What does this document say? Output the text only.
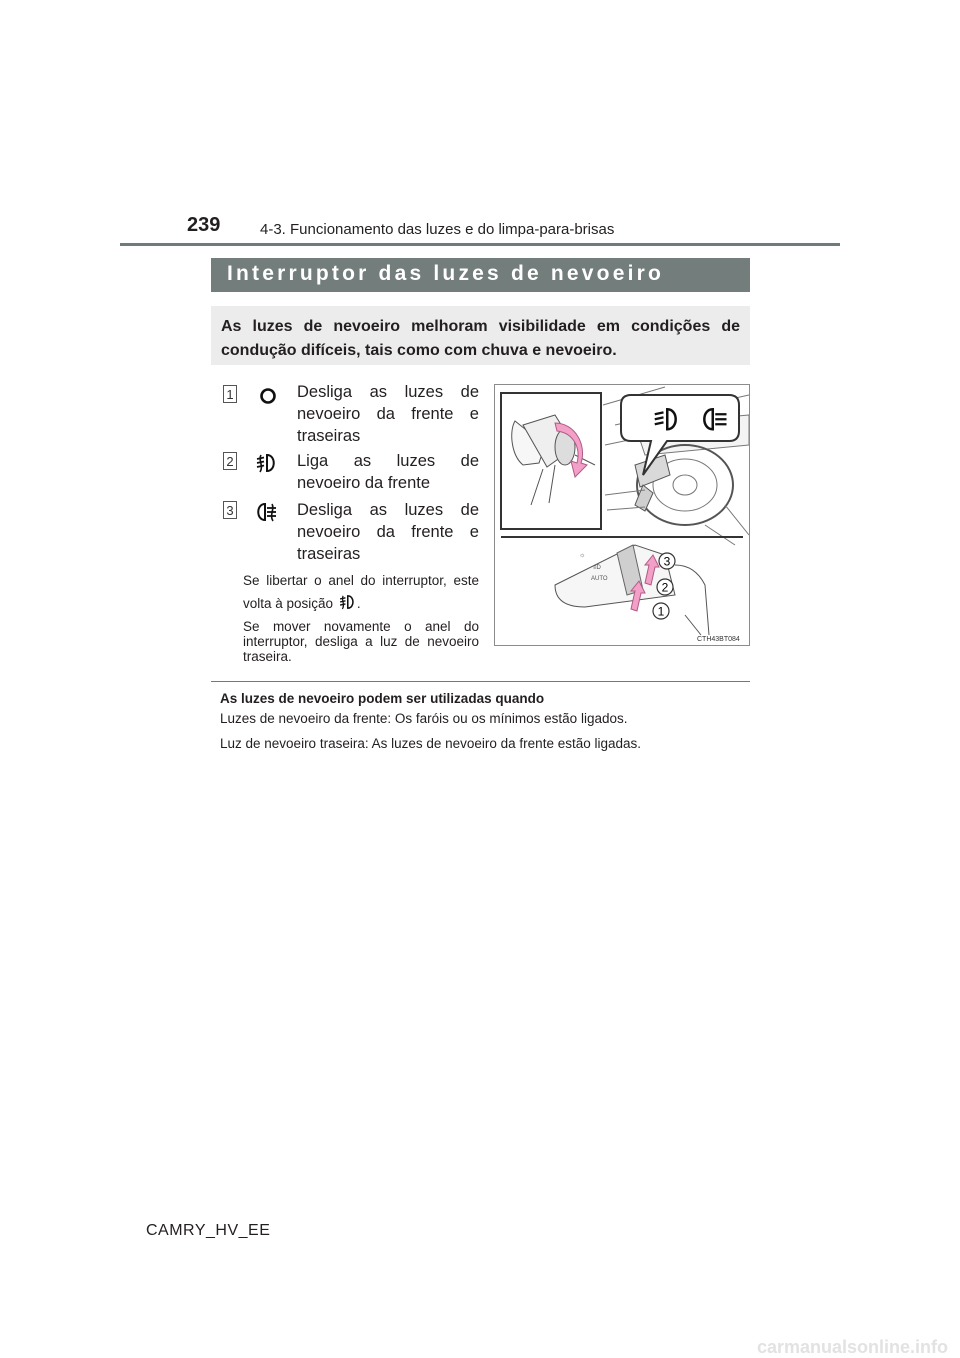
239	4-3. Funcionamento das luzes e do limpa-para-brisas
Interruptor das luzes de nevoeiro
As luzes de nevoeiro melhoram visibilidade em condições de condução difíceis, tais como com chuva e nevoeiro.
1	Desliga as luzes de nevoeiro da frente e traseiras
2	Liga as luzes de nevoeiro da frente
3	Desliga as luzes de nevoeiro da frente e traseiras
Se libertar o anel do interruptor, este volta à posição .
Se mover novamente o anel do interruptor, desliga a luz de nevoeiro traseira.
☼
≡D
AUTO
3
2
1
CTH43BT084
As luzes de nevoeiro podem ser utilizadas quando
Luzes de nevoeiro da frente: Os faróis ou os mínimos estão ligados.
Luz de nevoeiro traseira: As luzes de nevoeiro da frente estão ligadas.
CAMRY_HV_EE
carmanualsonline.info
